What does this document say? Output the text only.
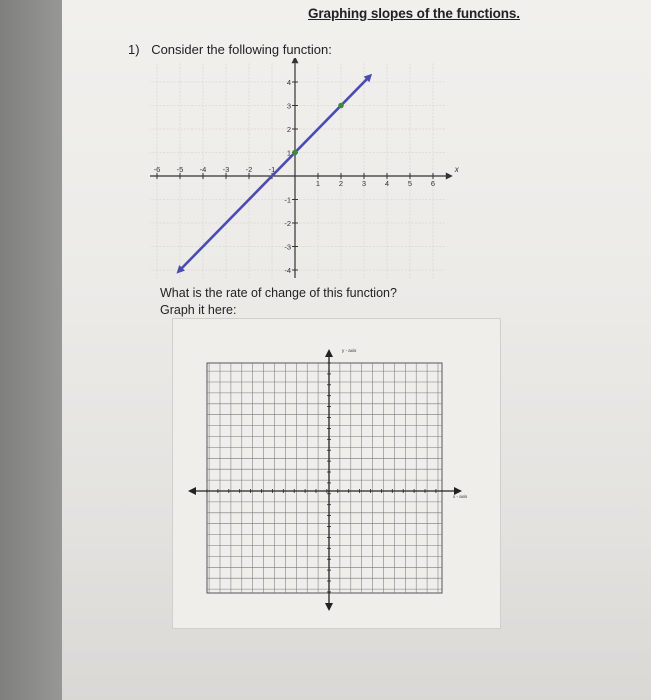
Graphing slopes of the functions.
1) Consider the following function:
-6 -5 -4 -3 -2 -1
1	2	3	4	5	6
4
3
2
1
-1
-2
-3
-4
x
What is the rate of change of this function?
Graph it here:
y - axis
x - axis
